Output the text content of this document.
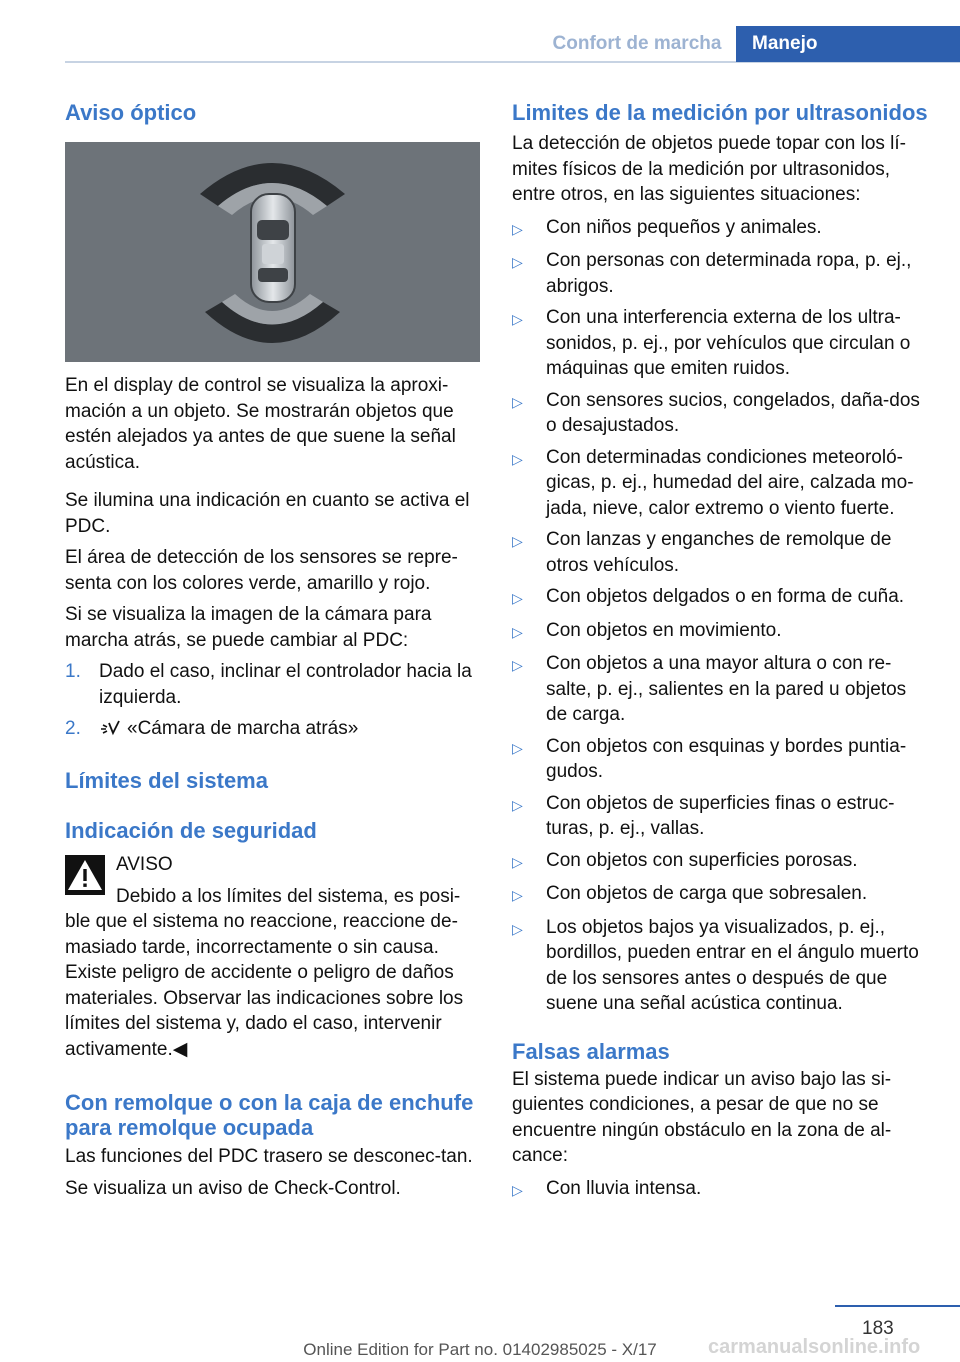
Confort de marcha	Manejo
Aviso óptico

En el display de control se visualiza la aproxi-mación a un objeto. Se mostrarán objetos que estén alejados ya antes de que suene la señal acústica.

Se ilumina una indicación en cuanto se activa el PDC.

El área de detección de los sensores se repre-senta con los colores verde, amarillo y rojo.

Si se visualiza la imagen de la cámara para marcha atrás, se puede cambiar al PDC:

1. Dado el caso, inclinar el controlador hacia la izquierda.
2.	«Cámara de marcha atrás»
Límites del sistema
Indicación de seguridad

AVISO

Debido a los límites del sistema, es posi-ble que el sistema no reaccione, reaccione de-masiado tarde, incorrectamente o sin causa. Existe peligro de accidente o peligro de daños materiales. Observar las indicaciones sobre los límites del sistema y, dado el caso, intervenir activamente.◀

Con remolque o con la caja de enchufe para remolque ocupada

Las funciones del PDC trasero se desconec-tan.

Se visualiza un aviso de Check-Control.

Limites de la medición por ultrasonidos

La detección de objetos puede topar con los lí-mites físicos de la medición por ultrasonidos, entre otros, en las siguientes situaciones:

▷	Con niños pequeños y animales.
▷	Con personas con determinada ropa, p. ej., abrigos.
▷	Con una interferencia externa de los ultra-sonidos, p. ej., por vehículos que circulan o máquinas que emiten ruidos.
▷	Con sensores sucios, congelados, daña-dos o desajustados.
▷	Con determinadas condiciones meteoroló-gicas, p. ej., humedad del aire, calzada mo-jada, nieve, calor extremo o viento fuerte.
▷	Con lanzas y enganches de remolque de otros vehículos.
▷	Con objetos delgados o en forma de cuña.
▷	Con objetos en movimiento.
▷	Con objetos a una mayor altura o con re-salte, p. ej., salientes en la pared u objetos de carga.
▷	Con objetos con esquinas y bordes puntia-gudos.
▷	Con objetos de superficies finas o estruc-turas, p. ej., vallas.
▷	Con objetos con superficies porosas.
▷	Con objetos de carga que sobresalen.
▷	Los objetos bajos ya visualizados, p. ej., bordillos, pueden entrar en el ángulo muerto de los sensores antes o después de que suene una señal acústica continua.
Falsas alarmas

El sistema puede indicar un aviso bajo las si-guientes condiciones, a pesar de que no se encuentre ningún obstáculo en la zona de al-cance:

▷	Con lluvia intensa.
183
Online Edition for Part no. 01402985025 - X/17	carmanualsonline.info
